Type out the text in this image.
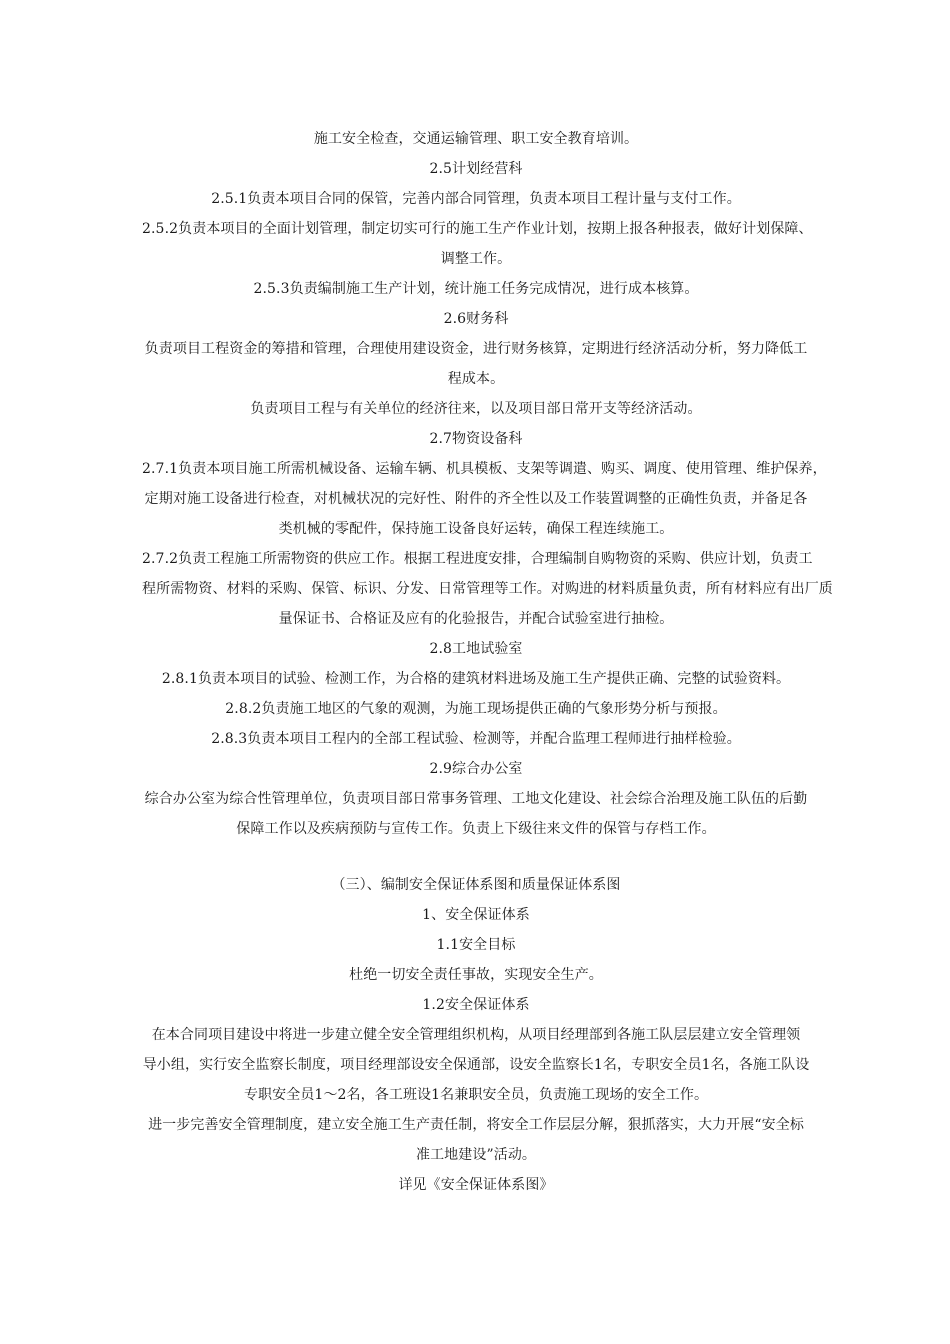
施工安全检查，交通运输管理、职工安全教育培训。
2.5计划经营科
2.5.1负责本项目合同的保管，完善内部合同管理，负责本项目工程计量与支付工作。
2.5.2负责本项目的全面计划管理，制定切实可行的施工生产作业计划，按期上报各种报表，做好计划保障、
调整工作。
2.5.3负责编制施工生产计划，统计施工任务完成情况，进行成本核算。
2.6财务科
负责项目工程资金的筹措和管理，合理使用建设资金，进行财务核算，定期进行经济活动分析，努力降低工
程成本。
负责项目工程与有关单位的经济往来，以及项目部日常开支等经济活动。
2.7物资设备科
2.7.1负责本项目施工所需机械设备、运输车辆、机具模板、支架等调遣、购买、调度、使用管理、维护保养，
定期对施工设备进行检查，对机械状况的完好性、附件的齐全性以及工作装置调整的正确性负责，并备足各
类机械的零配件，保持施工设备良好运转，确保工程连续施工。
2.7.2负责工程施工所需物资的供应工作。根据工程进度安排，合理编制自购物资的采购、供应计划，负责工
程所需物资、材料的采购、保管、标识、分发、日常管理等工作。对购进的材料质量负责，所有材料应有出厂质
量保证书、合格证及应有的化验报告，并配合试验室进行抽检。
2.8工地试验室
2.8.1负责本项目的试验、检测工作，为合格的建筑材料进场及施工生产提供正确、完整的试验资料。
2.8.2负责施工地区的气象的观测，为施工现场提供正确的气象形势分析与预报。
2.8.3负责本项目工程内的全部工程试验、检测等，并配合监理工程师进行抽样检验。
2.9综合办公室
综合办公室为综合性管理单位，负责项目部日常事务管理、工地文化建设、社会综合治理及施工队伍的后勤
保障工作以及疾病预防与宣传工作。负责上下级往来文件的保管与存档工作。
（三）、编制安全保证体系图和质量保证体系图
1、安全保证体系
1.1安全目标
杜绝一切安全责任事故，实现安全生产。
1.2安全保证体系
在本合同项目建设中将进一步建立健全安全管理组织机构，从项目经理部到各施工队层层建立安全管理领
导小组，实行安全监察长制度，项目经理部设安全保通部，设安全监察长1名，专职安全员1名，各施工队设
专职安全员1～2名，各工班设1名兼职安全员，负责施工现场的安全工作。
进一步完善安全管理制度，建立安全施工生产责任制，将安全工作层层分解，狠抓落实，大力开展“安全标
准工地建设”活动。
详见《安全保证体系图》
